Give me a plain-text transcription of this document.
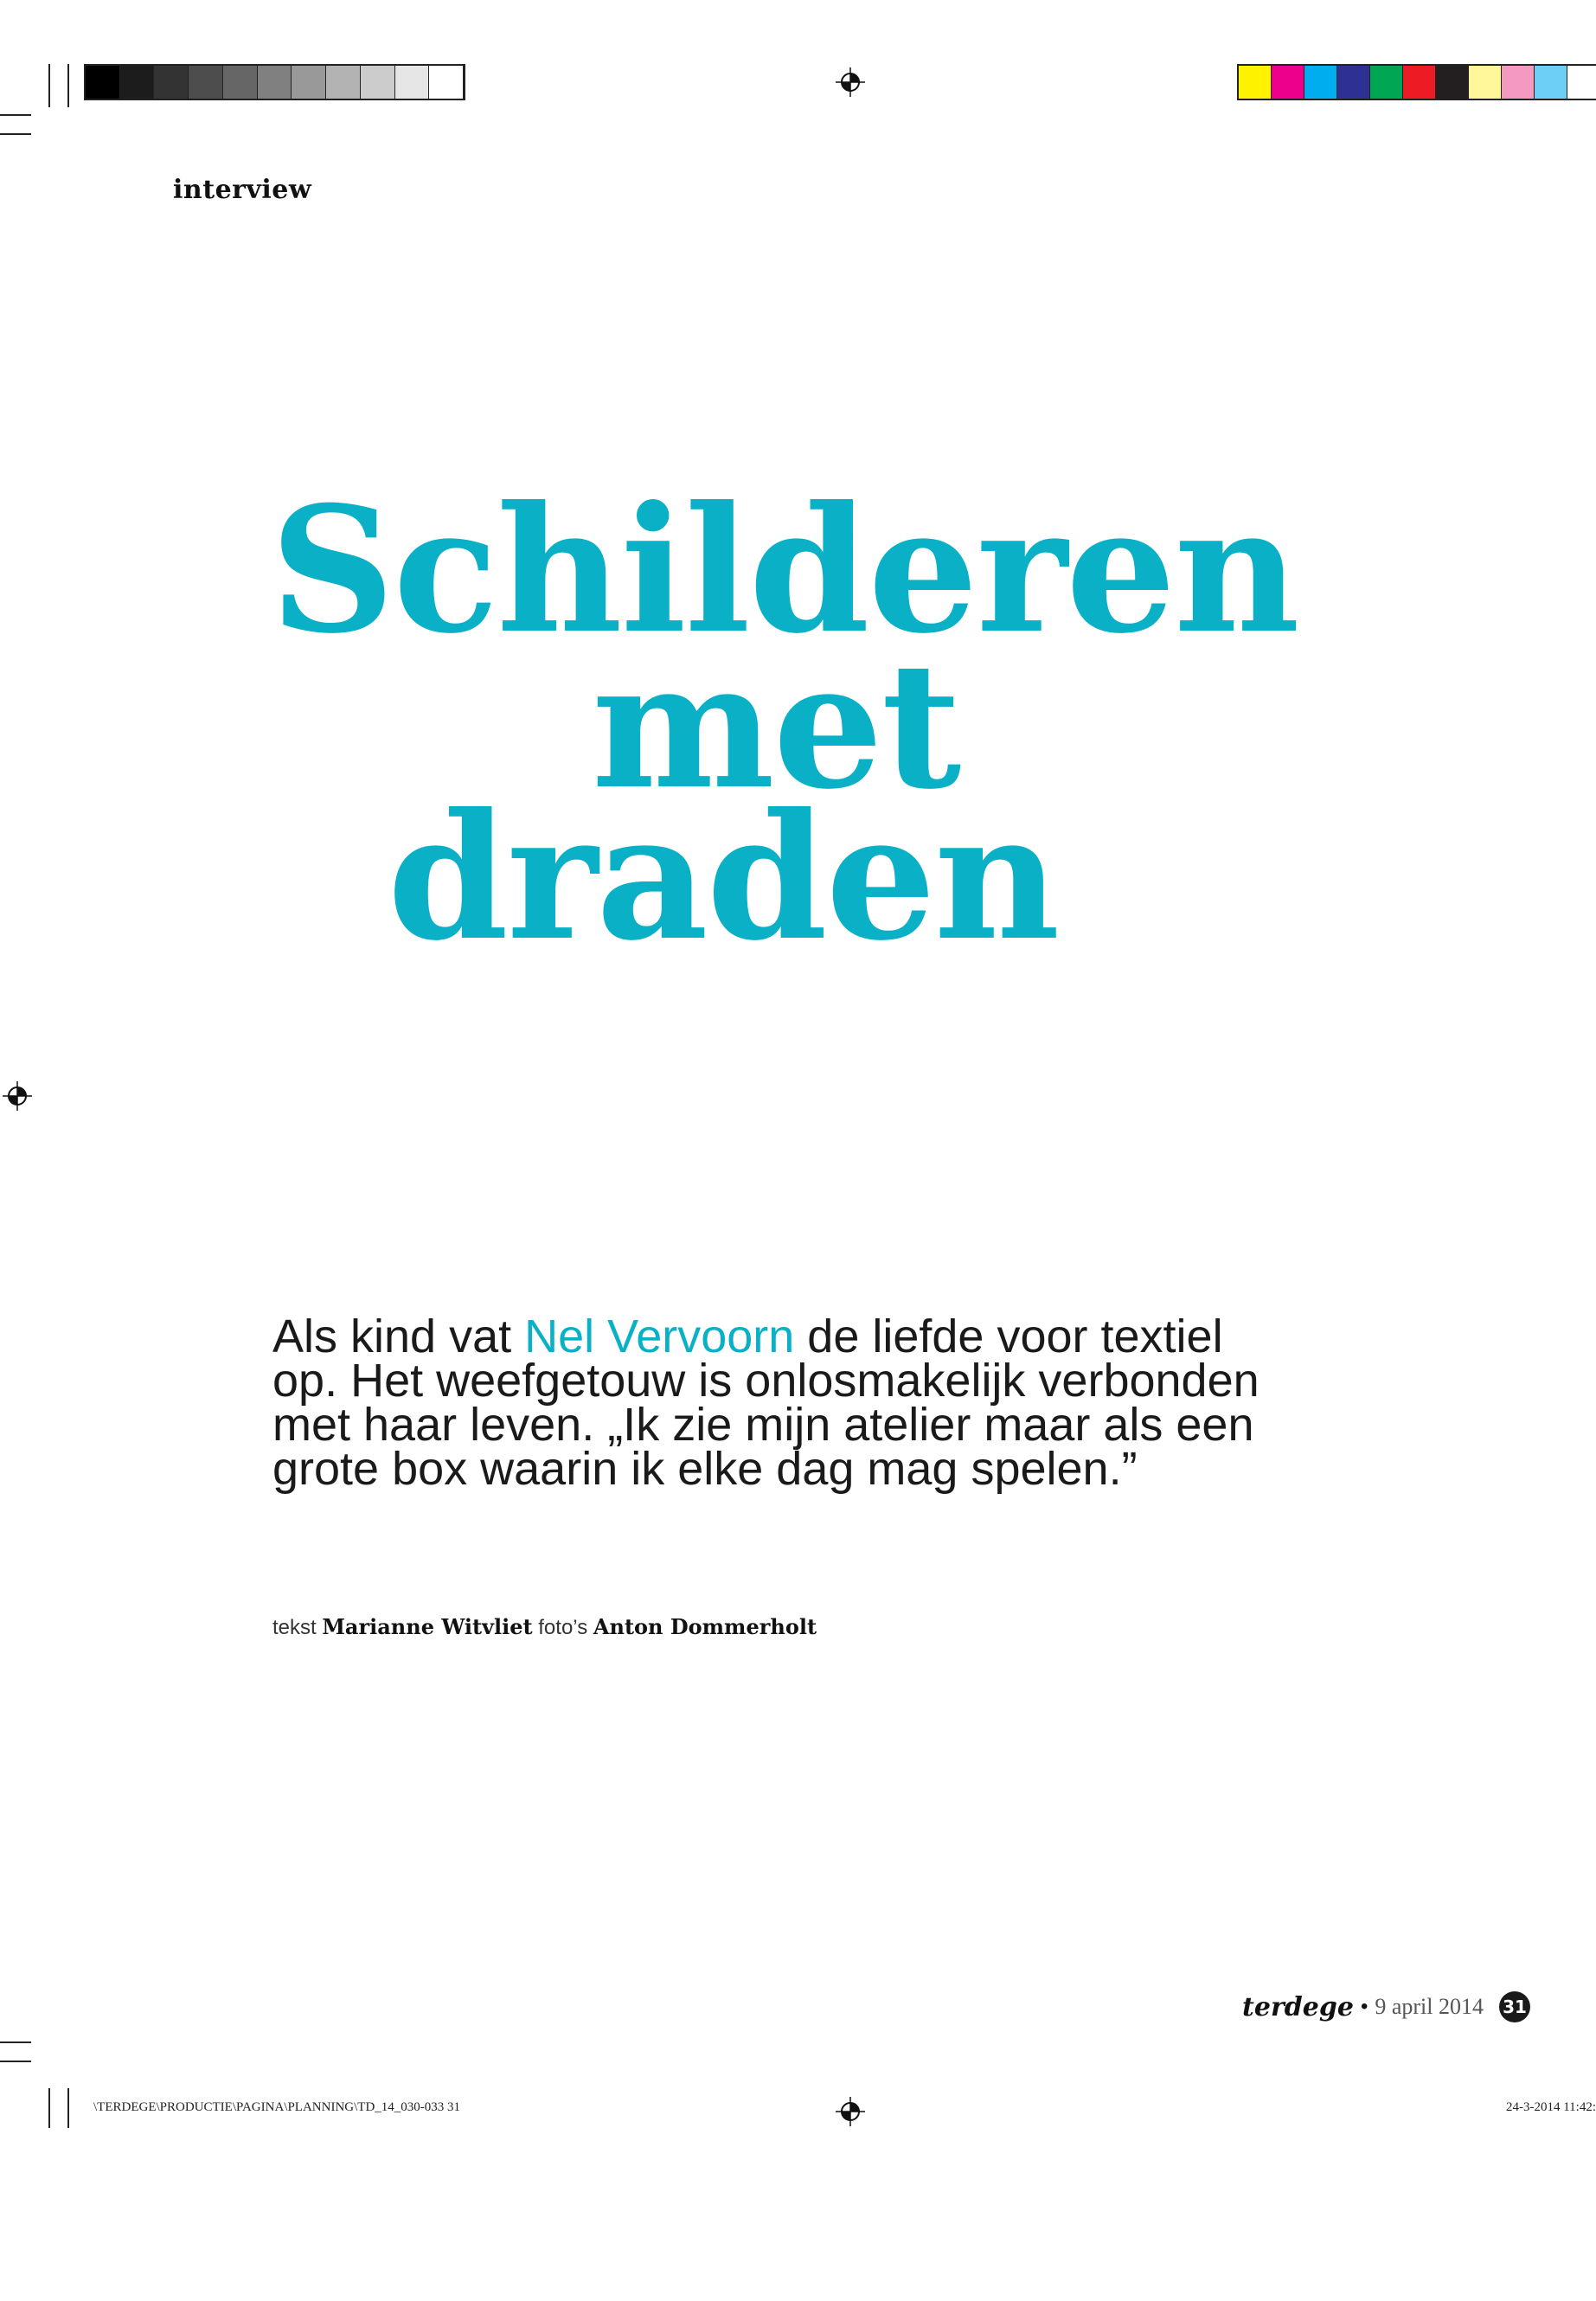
interview
Schilderen
met
draden
Als kind vat Nel Vervoorn de liefde voor textiel op. Het weefgetouw is onlosmakelijk verbonden met haar leven. „Ik zie mijn atelier maar als een grote box waarin ik elke dag mag spelen.”
tekst Marianne Witvliet foto’s Anton Dommerholt
terdege • 9 april 2014 31
\TERDEGE\PRODUCTIE\PAGINA\PLANNING\TD_14_030-033 31	24-3-2014 11:42:
